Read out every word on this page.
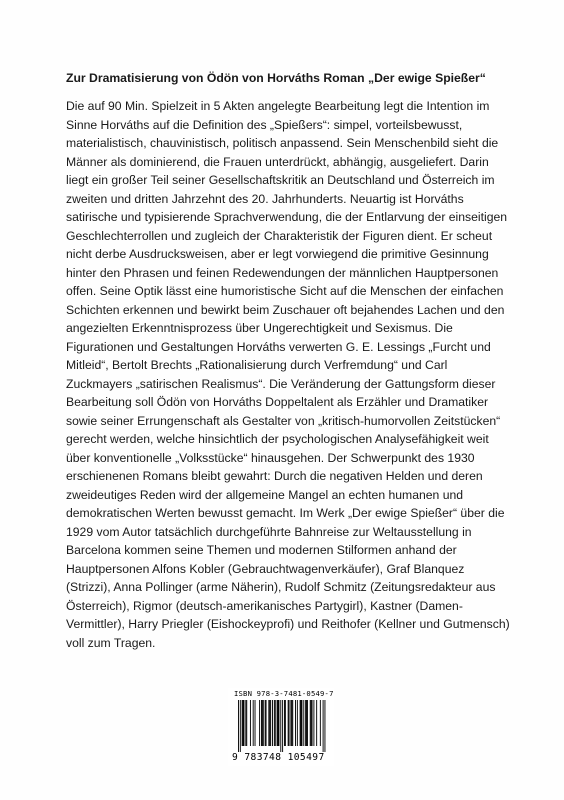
Zur Dramatisierung von Ödön von Horváths Roman „Der ewige Spießer“

Die auf 90 Min. Spielzeit in 5 Akten angelegte Bearbeitung legt die Intention im Sinne Horváths auf die Definition des „Spießers“: simpel, vorteilsbewusst, materialistisch, chauvinistisch, politisch anpassend. Sein Menschenbild sieht die Männer als dominierend, die Frauen unterdrückt, abhängig, ausgeliefert. Darin liegt ein großer Teil seiner Gesellschaftskritik an Deutschland und Österreich im zweiten und dritten Jahrzehnt des 20. Jahrhunderts. Neuartig ist Horváths satirische und typisierende Sprachverwendung, die der Entlarvung der einseitigen Geschlechterrollen und zugleich der Charakteristik der Figuren dient. Er scheut nicht derbe Ausdrucksweisen, aber er legt vorwiegend die primitive Gesinnung hinter den Phrasen und feinen Redewendungen der männlichen Hauptpersonen offen. Seine Optik lässt eine humoristische Sicht auf die Menschen der einfachen Schichten erkennen und bewirkt beim Zuschauer oft bejahendes Lachen und den angezielten Erkenntnisprozess über Ungerechtigkeit und Sexismus. Die Figurationen und Gestaltungen Horváths verwerten G. E. Lessings „Furcht und Mitleid“, Bertolt Brechts „Rationalisierung durch Verfremdung“ und Carl Zuckmayers „satirischen Realismus“. Die Veränderung der Gattungsform dieser Bearbeitung soll Ödön von Horváths Doppeltalent als Erzähler und Dramatiker sowie seiner Errungenschaft als Gestalter von „kritisch-humorvollen Zeitstücken“ gerecht werden, welche hinsichtlich der psychologischen Analysefähigkeit weit über konventionelle „Volksstücke“ hinausgehen. Der Schwerpunkt des 1930 erschienenen Romans bleibt gewahrt: Durch die negativen Helden und deren zweideutiges Reden wird der allgemeine Mangel an echten humanen und demokratischen Werten bewusst gemacht. Im Werk „Der ewige Spießer“ über die 1929 vom Autor tatsächlich durchgeführte Bahnreise zur Weltausstellung in Barcelona kommen seine Themen und modernen Stilformen anhand der Hauptpersonen Alfons Kobler (Gebrauchtwagenverkäufer), Graf Blanquez (Strizzi), Anna Pollinger (arme Näherin), Rudolf Schmitz (Zeitungsredakteur aus Österreich), Rigmor (deutsch-amerikanisches Partygirl), Kastner (Damen-Vermittler), Harry Priegler (Eishockeyprofi) und Reithofer (Kellner und Gutmensch) voll zum Tragen.

ISBN 978-3-7481-0549-7
9 783748 105497
